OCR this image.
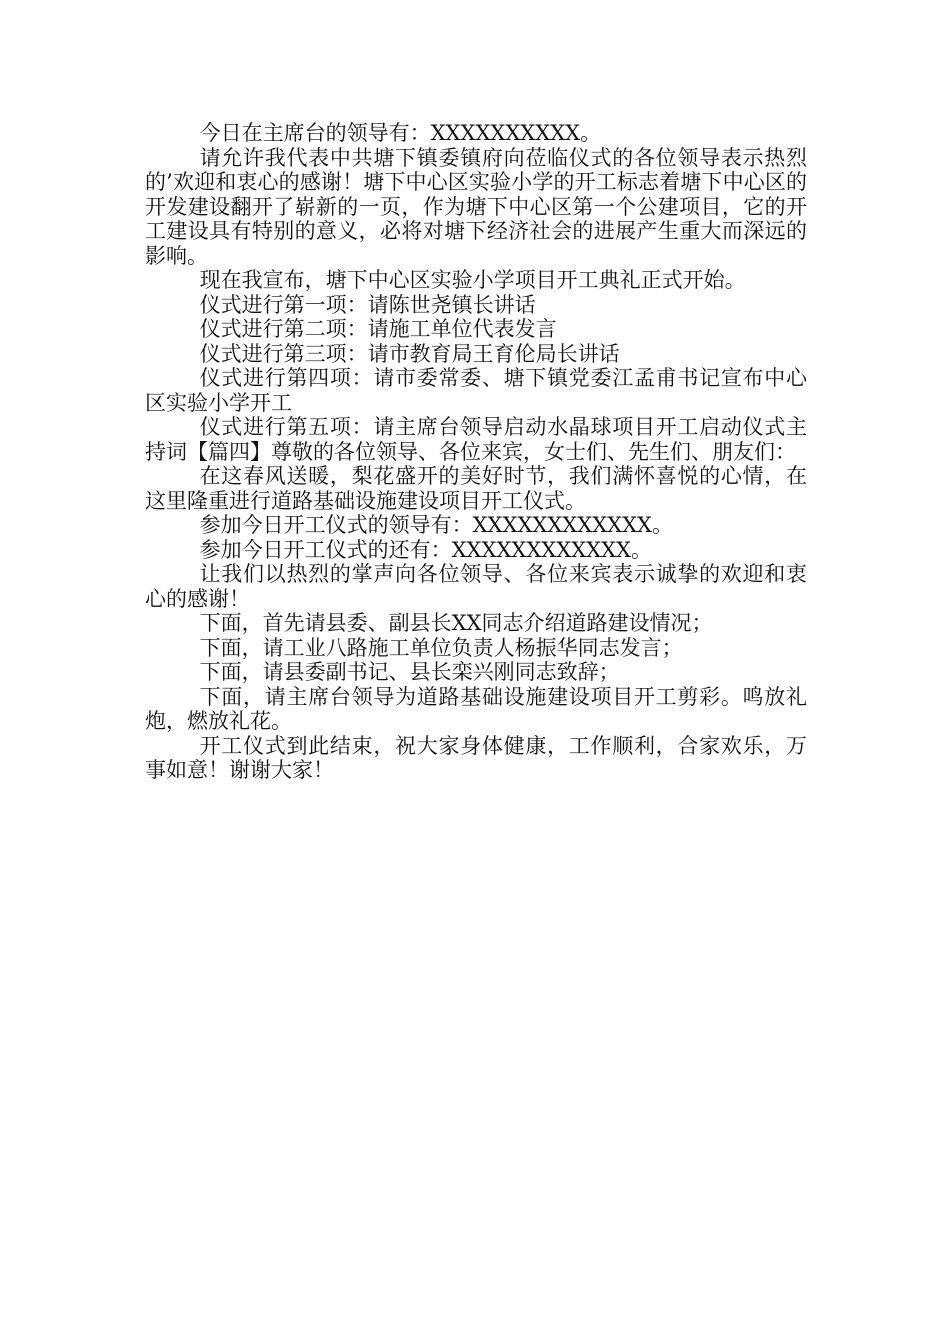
今日在主席台的领导有：XXXXXXXXXX。

请允许我代表中共塘下镇委镇府向莅临仪式的各位领导表示热烈的’欢迎和衷心的感谢！塘下中心区实验小学的开工标志着塘下中心区的开发建设翻开了崭新的一页，作为塘下中心区第一个公建项目，它的开工建设具有特别的意义，必将对塘下经济社会的进展产生重大而深远的影响。

现在我宣布，塘下中心区实验小学项目开工典礼正式开始。

仪式进行第一项：请陈世尧镇长讲话

仪式进行第二项：请施工单位代表发言

仪式进行第三项：请市教育局王育伦局长讲话

仪式进行第四项：请市委常委、塘下镇党委江孟甫书记宣布中心区实验小学开工

仪式进行第五项：请主席台领导启动水晶球项目开工启动仪式主持词【篇四】尊敬的各位领导、各位来宾，女士们、先生们、朋友们：

在这春风送暖，梨花盛开的美好时节，我们满怀喜悦的心情，在这里隆重进行道路基础设施建设项目开工仪式。

参加今日开工仪式的领导有：XXXXXXXXXXXX。

参加今日开工仪式的还有：XXXXXXXXXXXX。

让我们以热烈的掌声向各位领导、各位来宾表示诚挚的欢迎和衷心的感谢！

下面，首先请县委、副县长XX同志介绍道路建设情况；

下面，请工业八路施工单位负责人杨振华同志发言；

下面，请县委副书记、县长栾兴刚同志致辞；

下面，请主席台领导为道路基础设施建设项目开工剪彩。鸣放礼炮，燃放礼花。

开工仪式到此结束，祝大家身体健康，工作顺利，合家欢乐，万事如意！谢谢大家！
